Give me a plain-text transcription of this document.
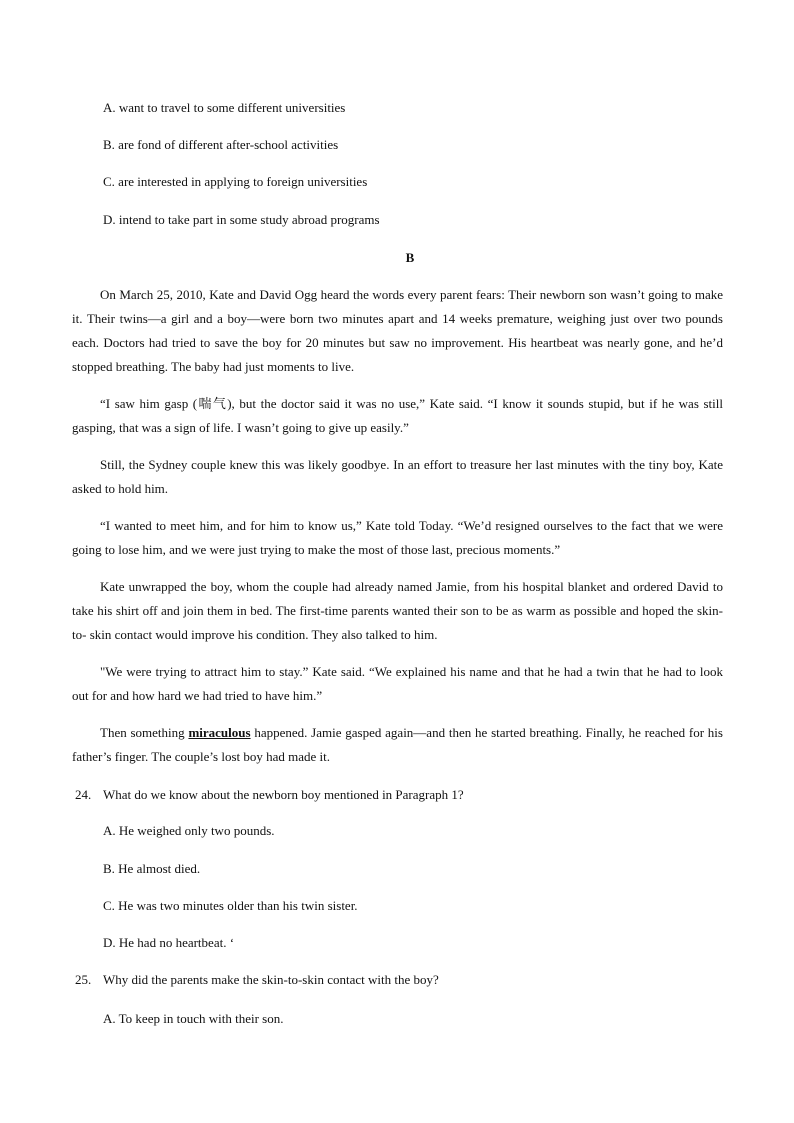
A. want to travel to some different universities
B. are fond of different after-school activities
C. are interested in applying to foreign universities
D. intend to take part in some study abroad programs
B
On March 25, 2010, Kate and David Ogg heard the words every parent fears: Their newborn son wasn’t going to make it. Their twins—a girl and a boy—were born two minutes apart and 14 weeks premature, weighing just over two pounds each. Doctors had tried to save the boy for 20 minutes but saw no improvement. His heartbeat was nearly gone, and he’d stopped breathing. The baby had just moments to live.
“I saw him gasp (喘气), but the doctor said it was no use,” Kate said. “I know it sounds stupid, but if he was still gasping, that was a sign of life. I wasn’t going to give up easily.”
Still, the Sydney couple knew this was likely goodbye. In an effort to treasure her last minutes with the tiny boy, Kate asked to hold him.
“I wanted to meet him, and for him to know us,” Kate told Today. “We’d resigned ourselves to the fact that we were going to lose him, and we were just trying to make the most of those last, precious moments.”
Kate unwrapped the boy, whom the couple had already named Jamie, from his hospital blanket and ordered David to take his shirt off and join them in bed. The first-time parents wanted their son to be as warm as possible and hoped the skin-to- skin contact would improve his condition. They also talked to him.
"We were trying to attract him to stay.” Kate said. “We explained his name and that he had a twin that he had to look out for and how hard we had tried to have him.”
Then something miraculous happened. Jamie gasped again—and then he started breathing. Finally, he reached for his father’s finger. The couple’s lost boy had made it.
24. What do we know about the newborn boy mentioned in Paragraph 1?
A. He weighed only two pounds.
B. He almost died.
C. He was two minutes older than his twin sister.
D. He had no heartbeat. ‘
25. Why did the parents make the skin-to-skin contact with the boy?
A. To keep in touch with their son.
